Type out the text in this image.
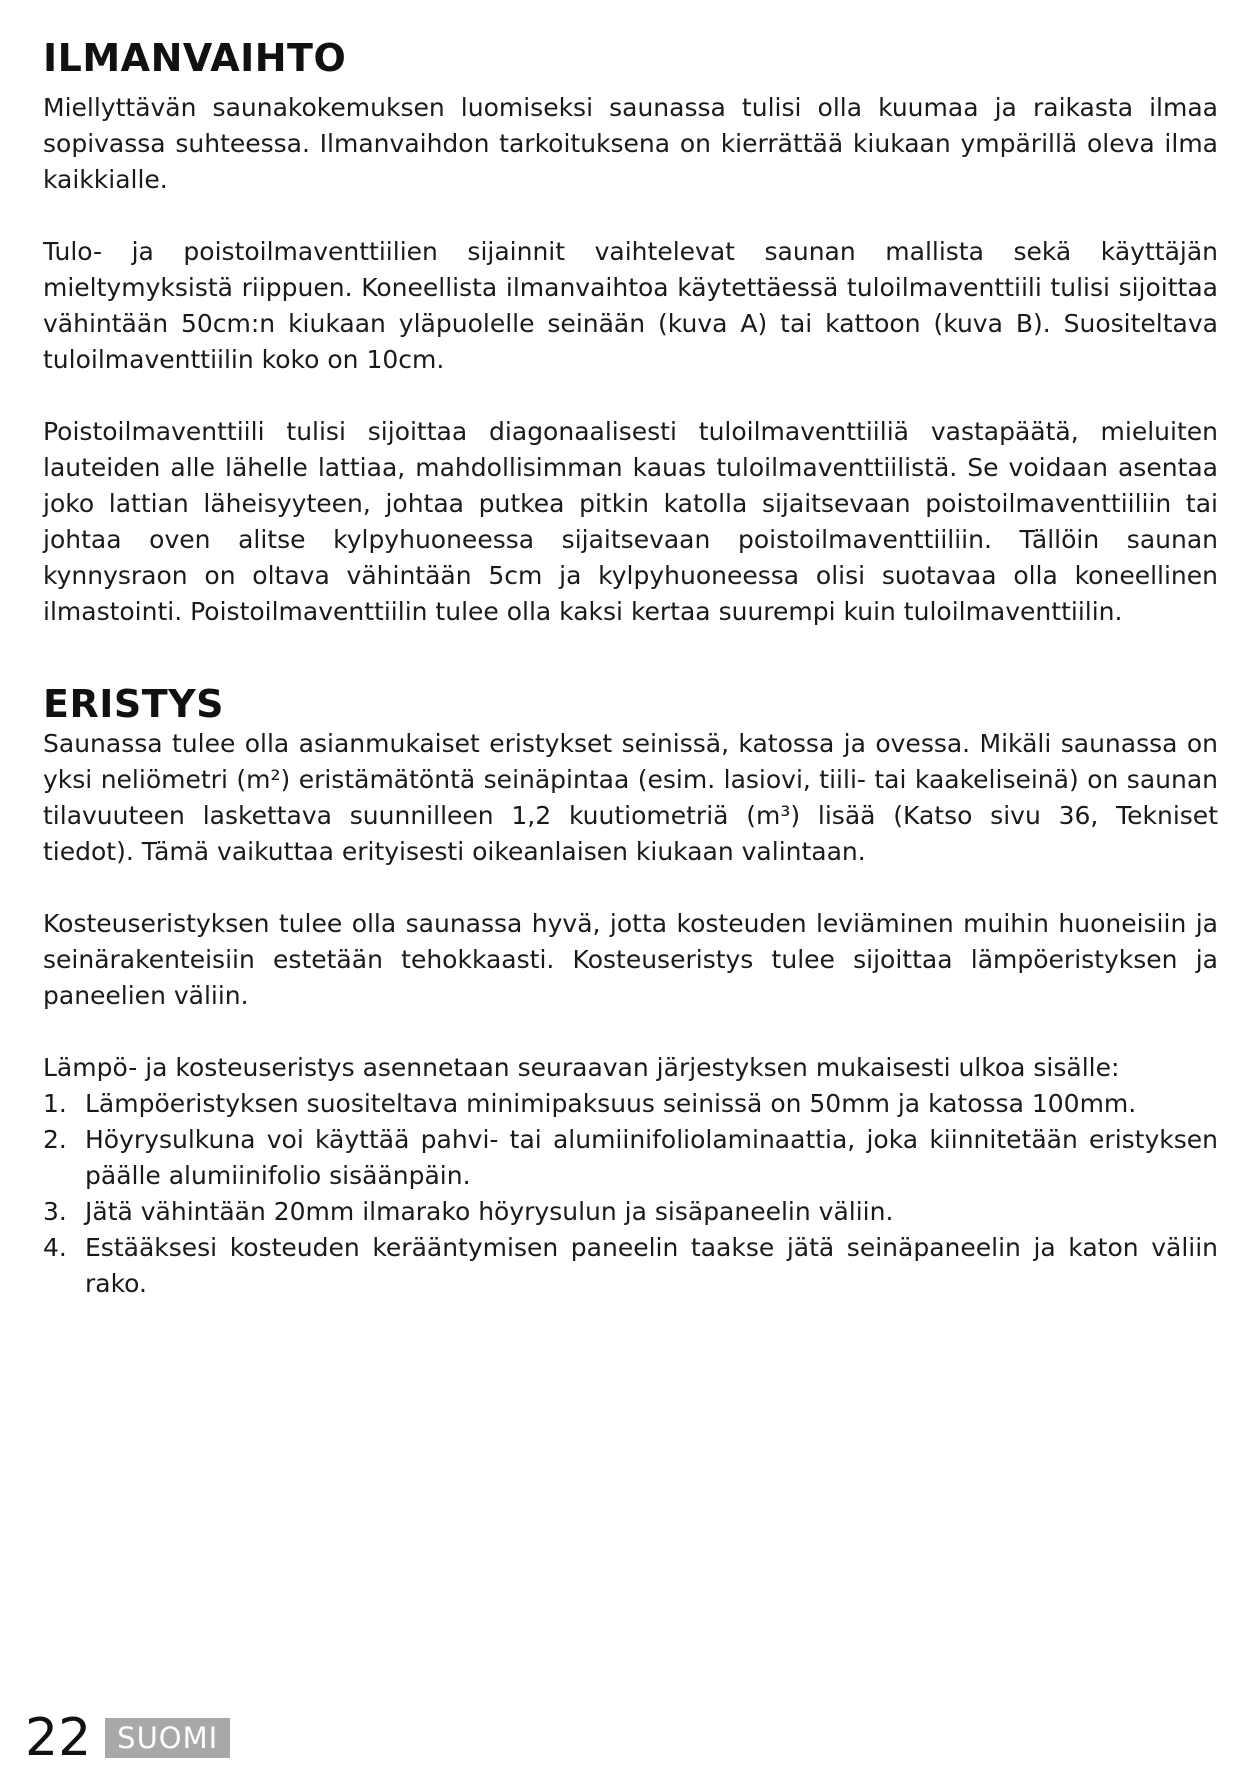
ILMANVAIHTO

Miellyttävän saunakokemuksen luomiseksi saunassa tulisi olla kuumaa ja raikasta ilmaa sopivassa suhteessa. Ilmanvaihdon tarkoituksena on kierrättää kiukaan ympärillä oleva ilma kaikkialle.

Tulo- ja poistoilmaventtiilien sijainnit vaihtelevat saunan mallista sekä käyttäjän mieltymyksistä riippuen. Koneellista ilmanvaihtoa käytettäessä tuloilmaventtiili tulisi sijoittaa vähintään 50cm:n kiukaan yläpuolelle seinään (kuva A) tai kattoon (kuva B). Suositeltava tuloilmaventtiilin koko on 10cm.

Poistoilmaventtiili tulisi sijoittaa diagonaalisesti tuloilmaventtiiliä vastapäätä, mieluiten lauteiden alle lähelle lattiaa, mahdollisimman kauas tuloilmaventtiilistä. Se voidaan asentaa joko lattian läheisyyteen, johtaa putkea pitkin katolla sijaitsevaan poistoilmaventtiiliin tai johtaa oven alitse kylpyhuoneessa sijaitsevaan poistoilmaventtiiliin. Tällöin saunan kynnysraon on oltava vähintään 5cm ja kylpyhuoneessa olisi suotavaa olla koneellinen ilmastointi. Poistoilmaventtiilin tulee olla kaksi kertaa suurempi kuin tuloilmaventtiilin.

ERISTYS

Saunassa tulee olla asianmukaiset eristykset seinissä, katossa ja ovessa. Mikäli saunassa on yksi neliömetri (m²) eristämätöntä seinäpintaa (esim. lasiovi, tiili- tai kaakeliseinä) on saunan tilavuuteen laskettava suunnilleen 1,2 kuutiometriä (m³) lisää (Katso sivu 36, Tekniset tiedot). Tämä vaikuttaa erityisesti oikeanlaisen kiukaan valintaan.

Kosteuseristyksen tulee olla saunassa hyvä, jotta kosteuden leviäminen muihin huoneisiin ja seinärakenteisiin estetään tehokkaasti. Kosteuseristys tulee sijoittaa lämpöeristyksen ja paneelien väliin.

Lämpö- ja kosteuseristys asennetaan seuraavan järjestyksen mukaisesti ulkoa sisälle:

1. Lämpöeristyksen suositeltava minimipaksuus seinissä on 50mm ja katossa 100mm.
2. Höyrysulkuna voi käyttää pahvi- tai alumiinifoliolaminaattia, joka kiinnitetään eristyksen päälle alumiinifolio sisäänpäin.
3. Jätä vähintään 20mm ilmarako höyrysulun ja sisäpaneelin väliin.
4. Estääksesi kosteuden kerääntymisen paneelin taakse jätä seinäpaneelin ja katon väliin rako.
22 SUOMI
